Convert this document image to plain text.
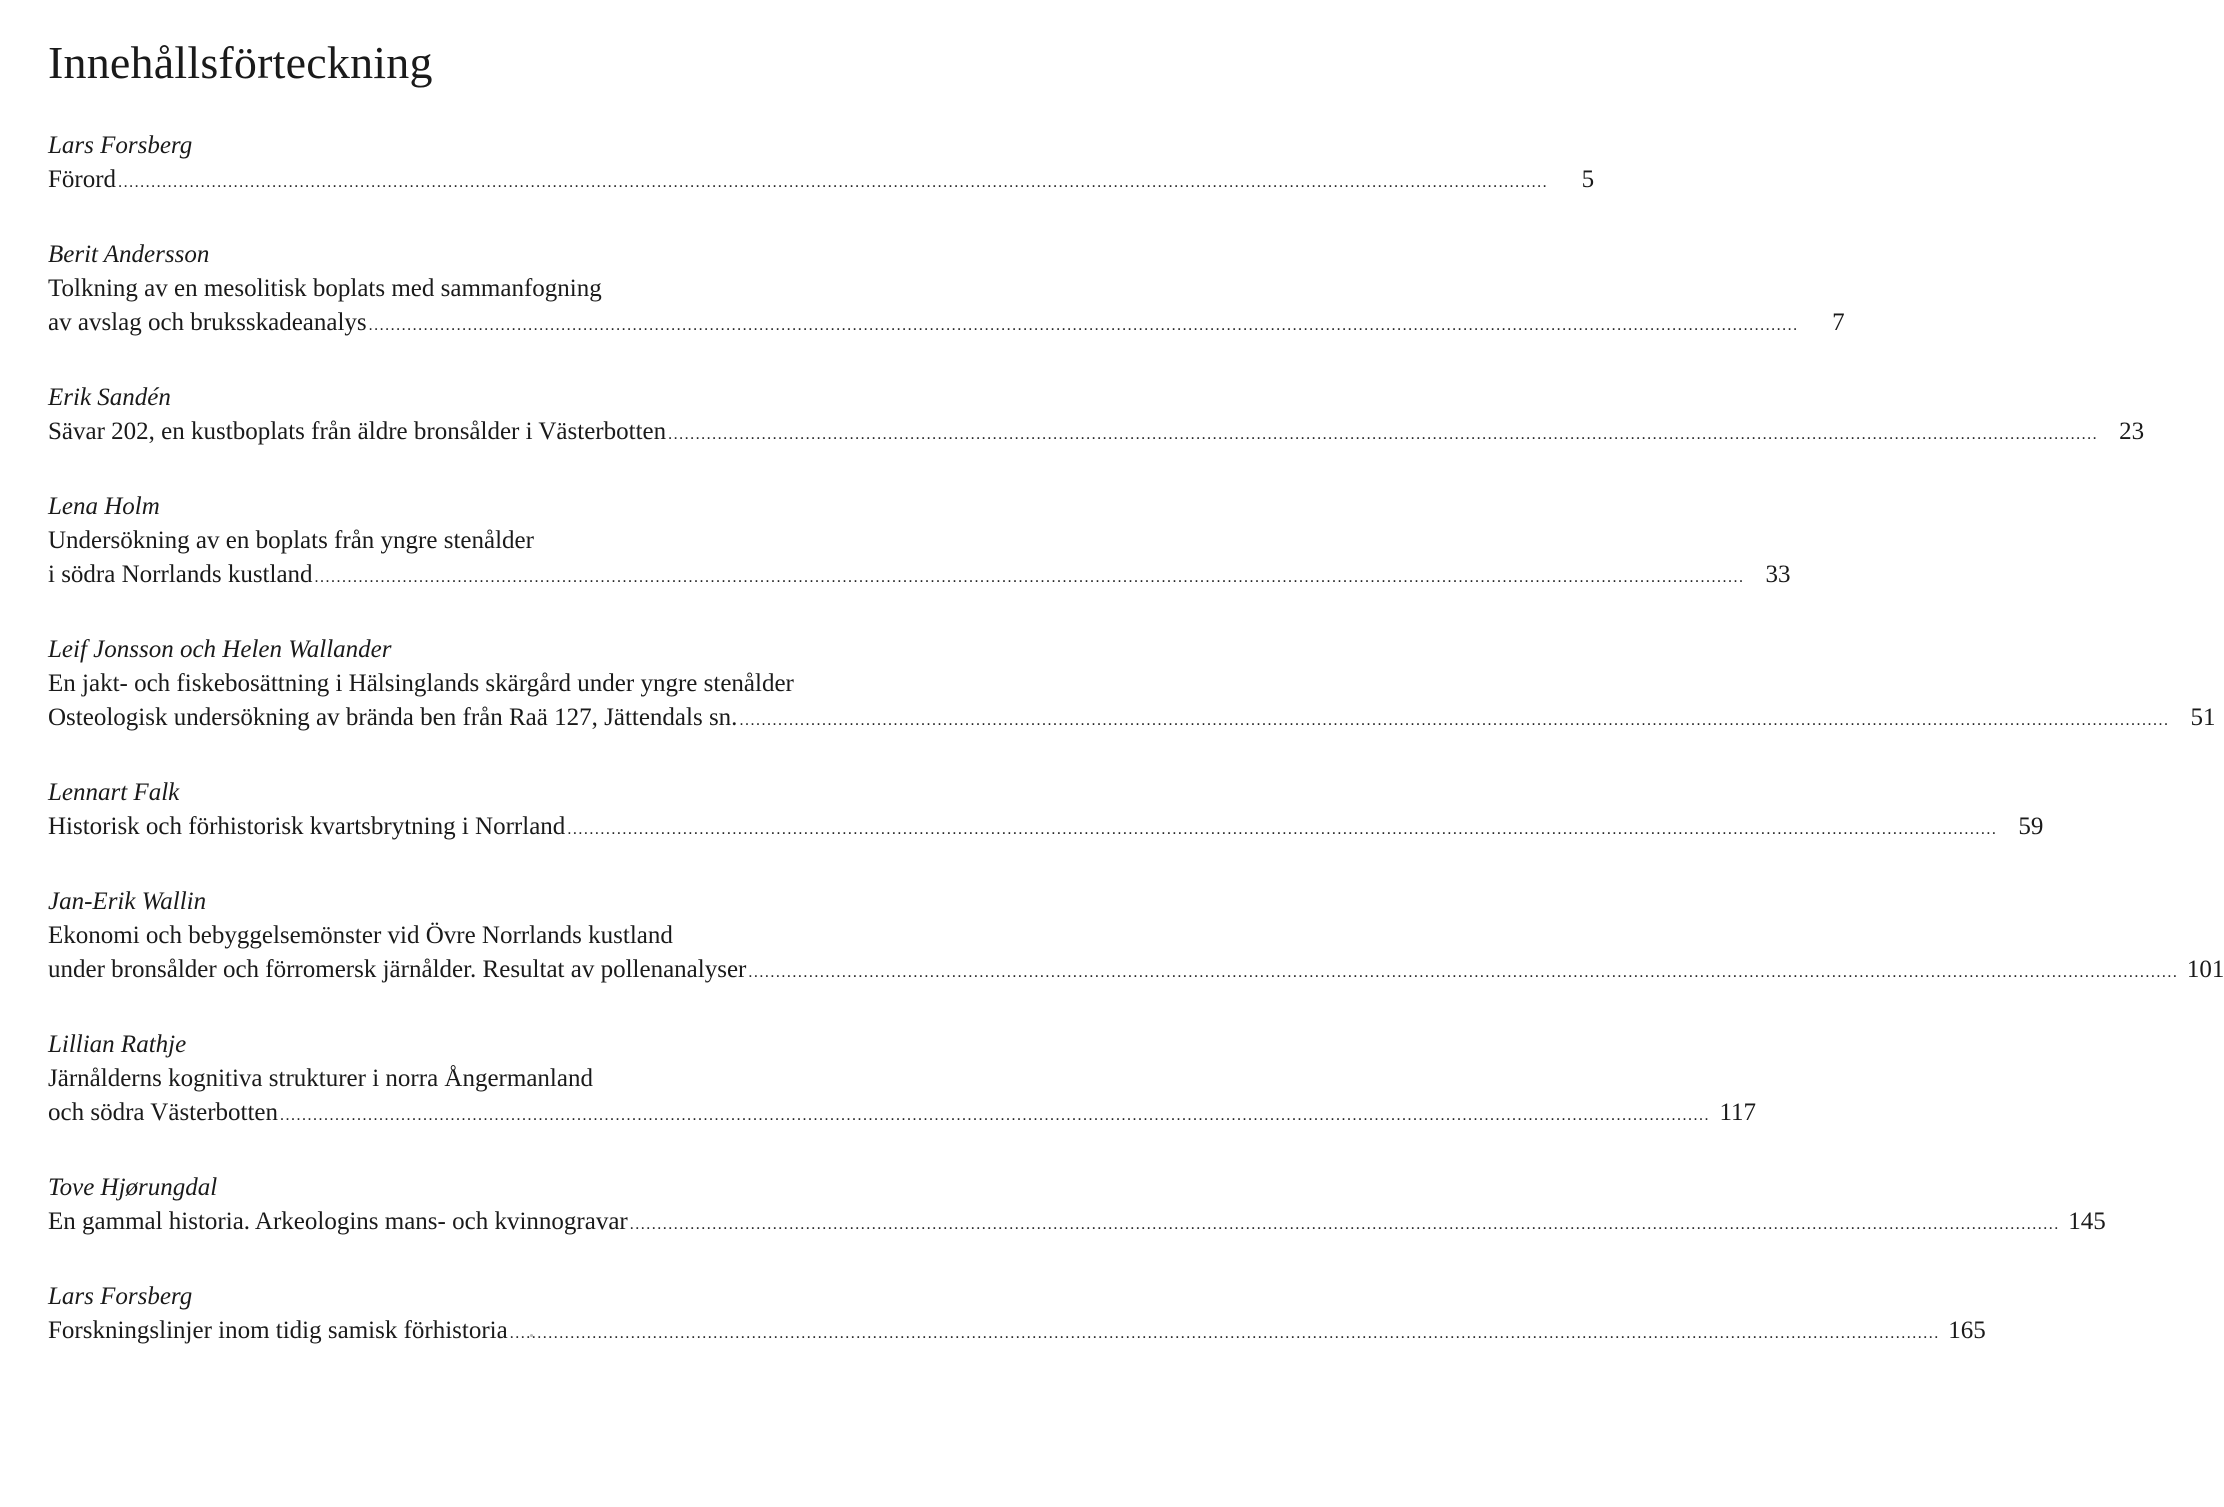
Innehållsförteckning
Lars Forsberg
Förord .....	5
Berit Andersson
Tolkning av en mesolitisk boplats med sammanfogning
av avslag och bruksskadeanalys .....	7
Erik Sandén
Sävar 202, en kustboplats från äldre bronsålder i Västerbotten .....	23
Lena Holm
Undersökning av en boplats från yngre stenålder
i södra Norrlands kustland .....	33
Leif Jonsson och Helen Wallander
En jakt- och fiskebosättning i Hälsinglands skärgård under yngre stenålder
Osteologisk undersökning av brända ben från Raä 127, Jättendals sn. .....	51
Lennart Falk
Historisk och förhistorisk kvartsbrytning i Norrland .....	59
Jan-Erik Wallin
Ekonomi och bebyggelsemönster vid Övre Norrlands kustland
under bronsålder och förromersk järnålder. Resultat av pollenanalyser .....	101
Lillian Rathje
Järnålderns kognitiva strukturer i norra Ångermanland
och södra Västerbotten .....	117
Tove Hjørungdal
En gammal historia. Arkeologins mans- och kvinnogravar .....	145
Lars Forsberg
Forskningslinjer inom tidig samisk förhistoria .....	165
